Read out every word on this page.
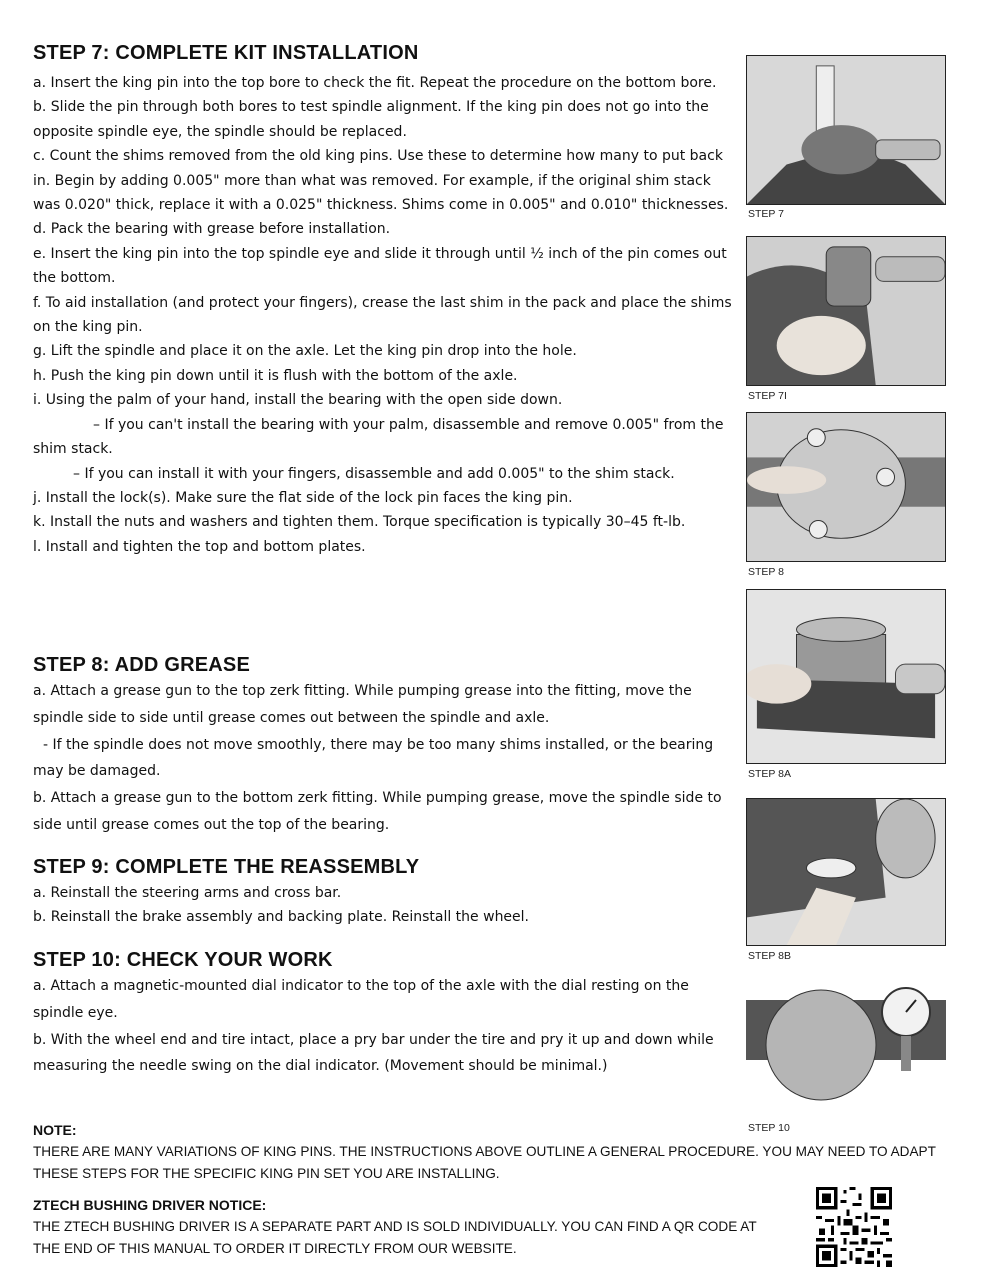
STEP 7: COMPLETE KIT INSTALLATION

a. Insert the king pin into the top bore to check the fit. Repeat the procedure on the bottom bore.

b. Slide the pin through both bores to test spindle alignment. If the king pin does not go into the opposite spindle eye, the spindle should be replaced.

c. Count the shims removed from the old king pins. Use these to determine how many to put back in. Begin by adding 0.005" more than what was removed. For example, if the original shim stack was 0.020" thick, replace it with a 0.025" thickness. Shims come in 0.005" and 0.010" thicknesses.

d. Pack the bearing with grease before installation.

e. Insert the king pin into the top spindle eye and slide it through until ½ inch of the pin comes out the bottom.

f. To aid installation (and protect your fingers), crease the last shim in the pack and place the shims on the king pin.

g. Lift the spindle and place it on the axle. Let the king pin drop into the hole.

h. Push the king pin down until it is flush with the bottom of the axle.

i. Using the palm of your hand, install the bearing with the open side down.

– If you can't install the bearing with your palm, disassemble and remove 0.005" from the shim stack.

– If you can install it with your fingers, disassemble and add 0.005" to the shim stack.

j. Install the lock(s). Make sure the flat side of the lock pin faces the king pin.

k. Install the nuts and washers and tighten them. Torque specification is typically 30–45 ft-lb.

l. Install and tighten the top and bottom plates.

STEP 8: ADD GREASE

a. Attach a grease gun to the top zerk fitting. While pumping grease into the fitting, move the spindle side to side until grease comes out between the spindle and axle.

- If the spindle does not move smoothly, there may be too many shims installed, or the bearing may be damaged.

b. Attach a grease gun to the bottom zerk fitting. While pumping grease, move the spindle side to side until grease comes out the top of the bearing.

STEP 9: COMPLETE THE REASSEMBLY

a. Reinstall the steering arms and cross bar.

b. Reinstall the brake assembly and backing plate. Reinstall the wheel.

STEP 10: CHECK YOUR WORK

a. Attach a magnetic-mounted dial indicator to the top of the axle with the dial resting on the spindle eye.

b. With the wheel end and tire intact, place a pry bar under the tire and pry it up and down while measuring the needle swing on the dial indicator. (Movement should be minimal.)

STEP 7
STEP 7I
STEP 8
STEP 8A
STEP 8B
STEP 10
NOTE:
THERE ARE MANY VARIATIONS OF KING PINS. THE INSTRUCTIONS ABOVE OUTLINE A GENERAL PROCEDURE. YOU MAY NEED TO ADAPT THESE STEPS FOR THE SPECIFIC KING PIN SET YOU ARE INSTALLING.
ZTECH BUSHING DRIVER NOTICE:
THE ZTECH BUSHING DRIVER IS A SEPARATE PART AND IS SOLD INDIVIDUALLY. YOU CAN FIND A QR CODE AT THE END OF THIS MANUAL TO ORDER IT DIRECTLY FROM OUR WEBSITE.
